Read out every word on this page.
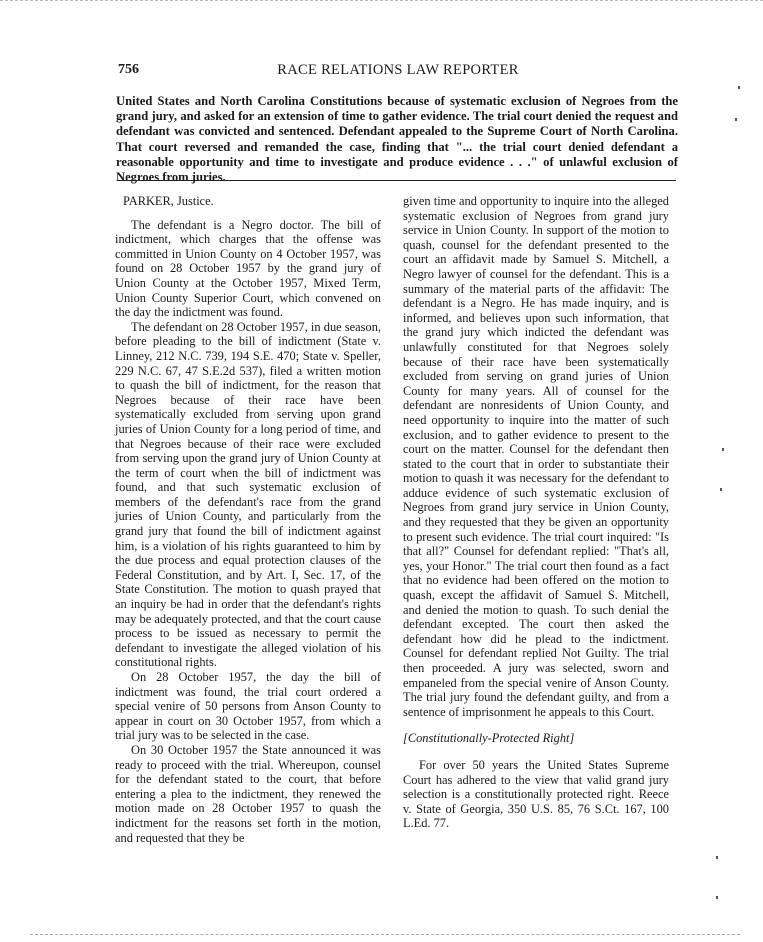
756	RACE RELATIONS LAW REPORTER
United States and North Carolina Constitutions because of systematic exclusion of Negroes from the grand jury, and asked for an extension of time to gather evidence. The trial court denied the request and defendant was convicted and sentenced. Defendant appealed to the Supreme Court of North Carolina. That court reversed and remanded the case, finding that "... the trial court denied defendant a reasonable opportunity and time to investigate and produce evidence . . ." of unlawful exclusion of Negroes from juries.

PARKER, Justice.

The defendant is a Negro doctor. The bill of indictment, which charges that the offense was committed in Union County on 4 October 1957, was found on 28 October 1957 by the grand jury of Union County at the October 1957, Mixed Term, Union County Superior Court, which convened on the day the indictment was found.

The defendant on 28 October 1957, in due season, before pleading to the bill of indictment (State v. Linney, 212 N.C. 739, 194 S.E. 470; State v. Speller, 229 N.C. 67, 47 S.E.2d 537), filed a written motion to quash the bill of indictment, for the reason that Negroes because of their race have been systematically excluded from serving upon grand juries of Union County for a long period of time, and that Negroes because of their race were excluded from serving upon the grand jury of Union County at the term of court when the bill of indictment was found, and that such systematic exclusion of members of the defendant's race from the grand juries of Union County, and particularly from the grand jury that found the bill of indictment against him, is a violation of his rights guaranteed to him by the due process and equal protection clauses of the Federal Constitution, and by Art. I, Sec. 17, of the State Constitution. The motion to quash prayed that an inquiry be had in order that the defendant's rights may be adequately protected, and that the court cause process to be issued as necessary to permit the defendant to investigate the alleged violation of his constitutional rights.

On 28 October 1957, the day the bill of indictment was found, the trial court ordered a special venire of 50 persons from Anson County to appear in court on 30 October 1957, from which a trial jury was to be selected in the case.

On 30 October 1957 the State announced it was ready to proceed with the trial. Whereupon, counsel for the defendant stated to the court, that before entering a plea to the indictment, they renewed the motion made on 28 October 1957 to quash the indictment for the reasons set forth in the motion, and requested that they be

given time and opportunity to inquire into the alleged systematic exclusion of Negroes from grand jury service in Union County. In support of the motion to quash, counsel for the defendant presented to the court an affidavit made by Samuel S. Mitchell, a Negro lawyer of counsel for the defendant. This is a summary of the material parts of the affidavit: The defendant is a Negro. He has made inquiry, and is informed, and believes upon such information, that the grand jury which indicted the defendant was unlawfully constituted for that Negroes solely because of their race have been systematically excluded from serving on grand juries of Union County for many years. All of counsel for the defendant are nonresidents of Union County, and need opportunity to inquire into the matter of such exclusion, and to gather evidence to present to the court on the matter. Counsel for the defendant then stated to the court that in order to substantiate their motion to quash it was necessary for the defendant to adduce evidence of such systematic exclusion of Negroes from grand jury service in Union County, and they requested that they be given an opportunity to present such evidence. The trial court inquired: "Is that all?" Counsel for defendant replied: "That's all, yes, your Honor." The trial court then found as a fact that no evidence had been offered on the motion to quash, except the affidavit of Samuel S. Mitchell, and denied the motion to quash. To such denial the defendant excepted. The court then asked the defendant how did he plead to the indictment. Counsel for defendant replied Not Guilty. The trial then proceeded. A jury was selected, sworn and empaneled from the special venire of Anson County. The trial jury found the defendant guilty, and from a sentence of imprisonment he appeals to this Court.

[Constitutionally-Protected Right]

For over 50 years the United States Supreme Court has adhered to the view that valid grand jury selection is a constitutionally protected right. Reece v. State of Georgia, 350 U.S. 85, 76 S.Ct. 167, 100 L.Ed. 77.
